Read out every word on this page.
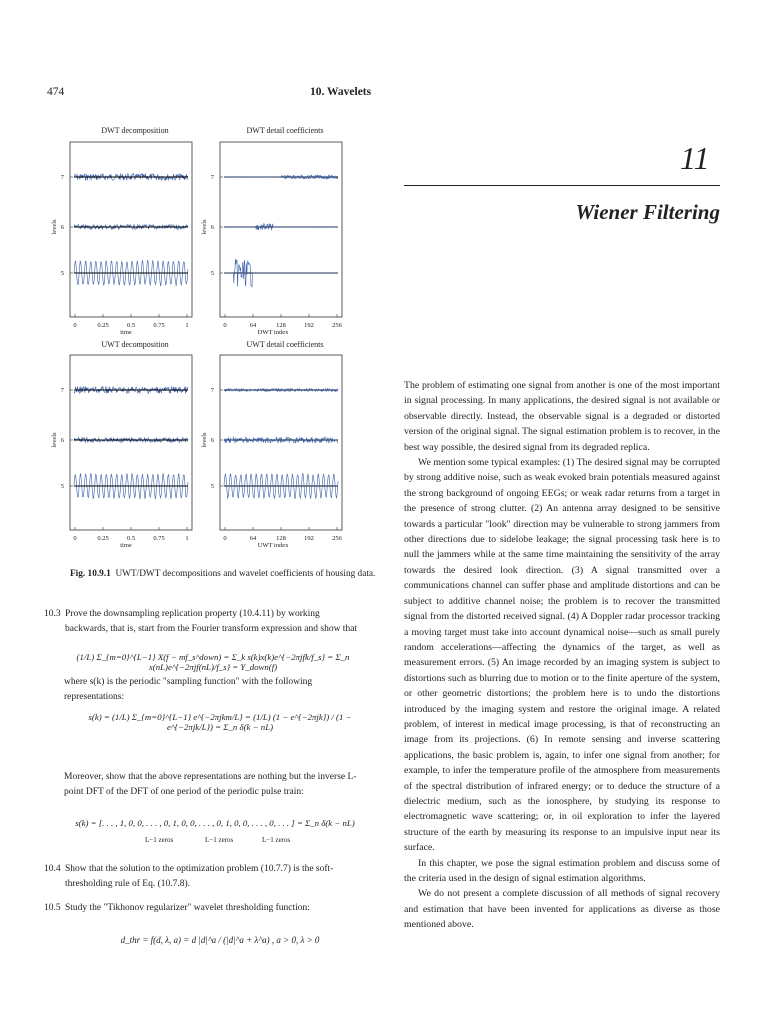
474	10. Wavelets
DWT decomposition	DWT detail coefficients
UWT decomposition	UWT detail coefficients
7
6
5
levels
0	0.25	0.5	0.75	1
time
7
6
5
levels
0	64	128	192	256
DWT index
7
6
5
levels
0	0.25	0.5	0.75	1
time
7
6
5
levels
0	64	128	192	256
UWT index
Fig. 10.9.1 UWT/DWT decompositions and wavelet coefficients of housing data.
10.3 Prove the downsampling replication property (10.4.11) by working backwards, that is, start from the Fourier transform expression and show that
(1/L) Σ_{m=0}^{L−1} X(f − mf_s^down) = Σ_k s(k)x(k)e^{−2πjfk/f_s} = Σ_n x(nL)e^{−2πjf(nL)/f_s} = Y_down(f)
where s(k) is the periodic "sampling function" with the following representations:
s(k) = (1/L) Σ_{m=0}^{L−1} e^{−2πjkm/L} = (1/L) (1 − e^{−2πjk}) / (1 − e^{−2πjk/L}) = Σ_n δ(k − nL)
Moreover, show that the above representations are nothing but the inverse L-point DFT of the DFT of one period of the periodic pulse train:
s(k) = [. . . , 1, 0, 0, . . . , 0, 1, 0, 0, . . . , 0, 1, 0, 0, . . . , 0, . . . ] = Σ_n δ(k − nL)
L−1 zeros	L−1 zeros	L−1 zeros
10.4 Show that the solution to the optimization problem (10.7.7) is the soft-thresholding rule of Eq. (10.7.8).
10.5 Study the "Tikhonov regularizer" wavelet thresholding function:
d_thr = f(d, λ, a) = d |d|^a / (|d|^a + λ^a) , a > 0, λ > 0
11
Wiener Filtering

The problem of estimating one signal from another is one of the most important in signal processing. In many applications, the desired signal is not available or observable directly. Instead, the observable signal is a degraded or distorted version of the original signal. The signal estimation problem is to recover, in the best way possible, the desired signal from its degraded replica.

We mention some typical examples: (1) The desired signal may be corrupted by strong additive noise, such as weak evoked brain potentials measured against the strong background of ongoing EEGs; or weak radar returns from a target in the presence of strong clutter. (2) An antenna array designed to be sensitive towards a particular "look" direction may be vulnerable to strong jammers from other directions due to sidelobe leakage; the signal processing task here is to null the jammers while at the same time maintaining the sensitivity of the array towards the desired look direction. (3) A signal transmitted over a communications channel can suffer phase and amplitude distortions and can be subject to additive channel noise; the problem is to recover the transmitted signal from the distorted received signal. (4) A Doppler radar processor tracking a moving target must take into account dynamical noise—such as small purely random accelerations—affecting the dynamics of the target, as well as measurement errors. (5) An image recorded by an imaging system is subject to distortions such as blurring due to motion or to the finite aperture of the system, or other geometric distortions; the problem here is to undo the distortions introduced by the imaging system and restore the original image. A related problem, of interest in medical image processing, is that of reconstructing an image from its projections. (6) In remote sensing and inverse scattering applications, the basic problem is, again, to infer one signal from another; for example, to infer the temperature profile of the atmosphere from measurements of the spectral distribution of infrared energy; or to deduce the structure of a dielectric medium, such as the ionosphere, by studying its response to electromagnetic wave scattering; or, in oil exploration to infer the layered structure of the earth by measuring its response to an impulsive input near its surface.

In this chapter, we pose the signal estimation problem and discuss some of the criteria used in the design of signal estimation algorithms.

We do not present a complete discussion of all methods of signal recovery and estimation that have been invented for applications as diverse as those mentioned above.
